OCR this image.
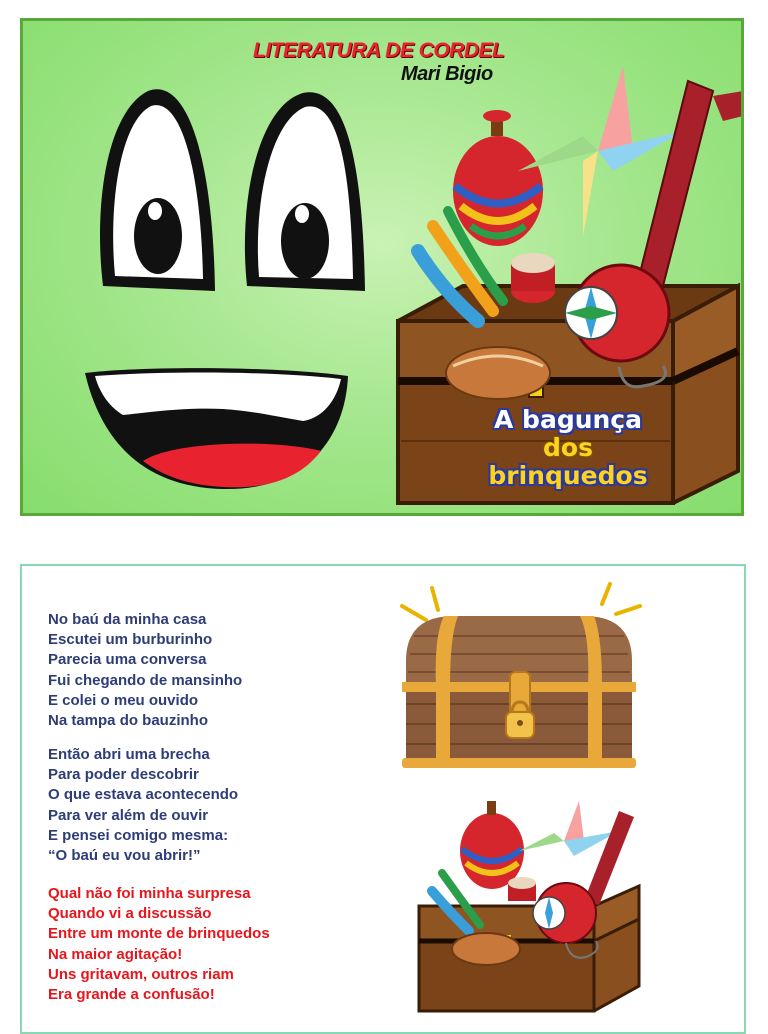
LITERATURA DE CORDEL
Mari Bigio
A bagunça
dos
brinquedos
No baú da minha casa
Escutei um burburinho
Parecia uma conversa
Fui chegando de mansinho
E colei o meu ouvido
Na tampa do bauzinho
Então abri uma brecha
Para poder descobrir
O que estava acontecendo
Para ver além de ouvir
E pensei comigo mesma:
“O baú eu vou abrir!”
Qual não foi minha surpresa
Quando vi a discussão
Entre um monte de brinquedos
Na maior agitação!
Uns gritavam, outros riam
Era grande a confusão!
